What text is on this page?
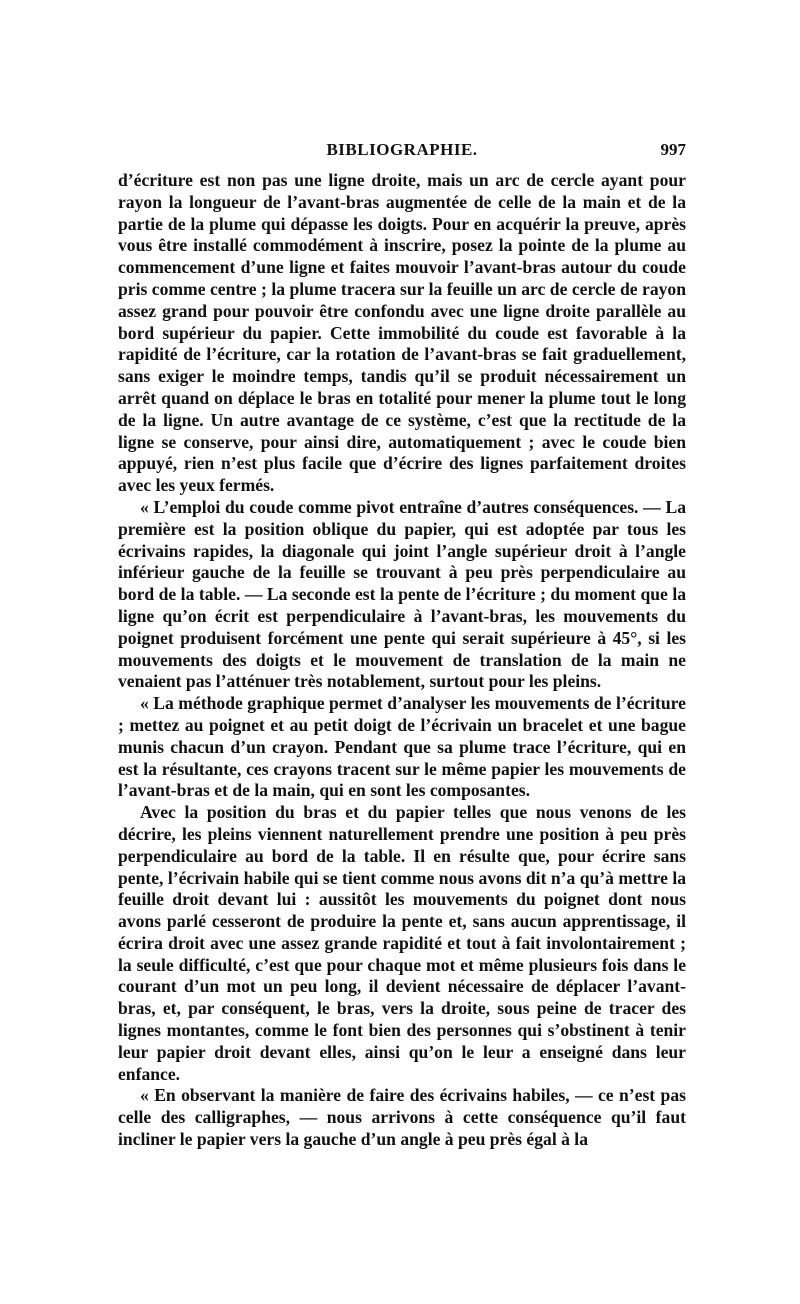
BIBLIOGRAPHIE.	997

d’écriture est non pas une ligne droite, mais un arc de cercle ayant pour rayon la longueur de l’avant-bras augmentée de celle de la main et de la partie de la plume qui dépasse les doigts. Pour en acquérir la preuve, après vous être installé commodément à inscrire, posez la pointe de la plume au commencement d’une ligne et faites mouvoir l’avant-bras autour du coude pris comme centre ; la plume tracera sur la feuille un arc de cercle de rayon assez grand pour pouvoir être confondu avec une ligne droite parallèle au bord supérieur du papier. Cette immobilité du coude est favorable à la rapidité de l’écriture, car la rotation de l’avant-bras se fait graduellement, sans exiger le moindre temps, tandis qu’il se produit nécessairement un arrêt quand on déplace le bras en totalité pour mener la plume tout le long de la ligne. Un autre avantage de ce système, c’est que la rectitude de la ligne se conserve, pour ainsi dire, automatiquement ; avec le coude bien appuyé, rien n’est plus facile que d’écrire des lignes parfaitement droites avec les yeux fermés.

« L’emploi du coude comme pivot entraîne d’autres conséquences. — La première est la position oblique du papier, qui est adoptée par tous les écrivains rapides, la diagonale qui joint l’angle supérieur droit à l’angle inférieur gauche de la feuille se trouvant à peu près perpendiculaire au bord de la table. — La seconde est la pente de l’écriture ; du moment que la ligne qu’on écrit est perpendiculaire à l’avant-bras, les mouvements du poignet produisent forcément une pente qui serait supérieure à 45°, si les mouvements des doigts et le mouvement de translation de la main ne venaient pas l’atténuer très notablement, surtout pour les pleins.

« La méthode graphique permet d’analyser les mouvements de l’écriture ; mettez au poignet et au petit doigt de l’écrivain un bracelet et une bague munis chacun d’un crayon. Pendant que sa plume trace l’écriture, qui en est la résultante, ces crayons tracent sur le même papier les mouvements de l’avant-bras et de la main, qui en sont les composantes.

Avec la position du bras et du papier telles que nous venons de les décrire, les pleins viennent naturellement prendre une position à peu près perpendiculaire au bord de la table. Il en résulte que, pour écrire sans pente, l’écrivain habile qui se tient comme nous avons dit n’a qu’à mettre la feuille droit devant lui : aussitôt les mouvements du poignet dont nous avons parlé cesseront de produire la pente et, sans aucun apprentissage, il écrira droit avec une assez grande rapidité et tout à fait involontairement ; la seule difficulté, c’est que pour chaque mot et même plusieurs fois dans le courant d’un mot un peu long, il devient nécessaire de déplacer l’avant-bras, et, par conséquent, le bras, vers la droite, sous peine de tracer des lignes montantes, comme le font bien des personnes qui s’obstinent à tenir leur papier droit devant elles, ainsi qu’on le leur a enseigné dans leur enfance.

« En observant la manière de faire des écrivains habiles, — ce n’est pas celle des calligraphes, — nous arrivons à cette conséquence qu’il faut incliner le papier vers la gauche d’un angle à peu près égal à la
